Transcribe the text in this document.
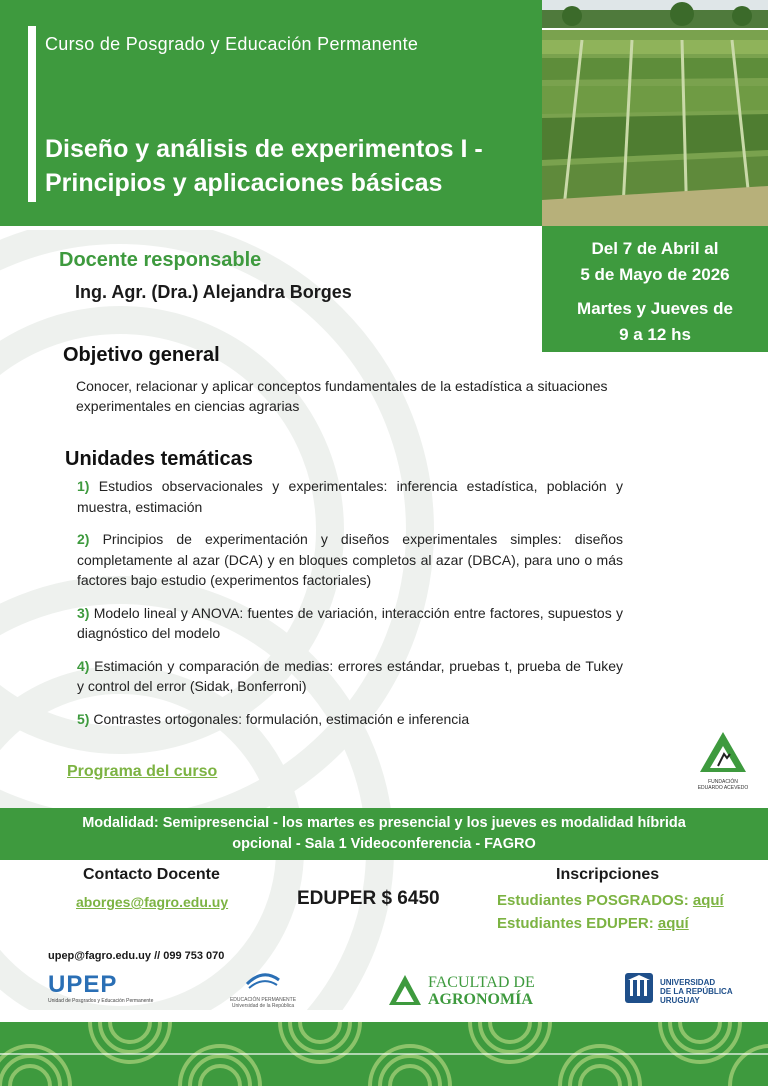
Curso de Posgrado y Educación Permanente
Diseño y análisis de experimentos I -
Principios y aplicaciones básicas
Del 7 de Abril al
5 de Mayo de 2026
Martes y Jueves de
9 a 12 hs
Docente responsable
Ing. Agr. (Dra.) Alejandra Borges
Objetivo general
Conocer, relacionar y aplicar conceptos fundamentales de la estadística a situaciones experimentales en ciencias agrarias
Unidades temáticas

1) Estudios observacionales y experimentales: inferencia estadística, población y muestra, estimación

2) Principios de experimentación y diseños experimentales simples: diseños completamente al azar (DCA) y en bloques completos al azar (DBCA), para uno o más factores bajo estudio (experimentos factoriales)

3) Modelo lineal y ANOVA: fuentes de variación, interacción entre factores, supuestos y diagnóstico del modelo

4) Estimación y comparación de medias: errores estándar, pruebas t, prueba de Tukey y control del error (Sidak, Bonferroni)

5) Contrastes ortogonales: formulación, estimación e inferencia

Programa del curso
FUNDACIÓN
EDUARDO ACEVEDO
Modalidad: Semipresencial - los martes es presencial y los jueves es modalidad híbrida
opcional - Sala 1 Videoconferencia - FAGRO
Contacto Docente
aborges@fagro.edu.uy	EDUPER $ 6450
Inscripciones
Estudiantes POSGRADOS: aquí
Estudiantes EDUPER: aquí
upep@fagro.edu.uy // 099 753 070
UPEP
Unidad de Posgrados y Educación Permanente	EDUCACIÓN PERMANENTE
Universidad de la República
FACULTAD DE
AGRONOMÍA
UNIVERSIDAD
DE LA REPÚBLICA
URUGUAY
